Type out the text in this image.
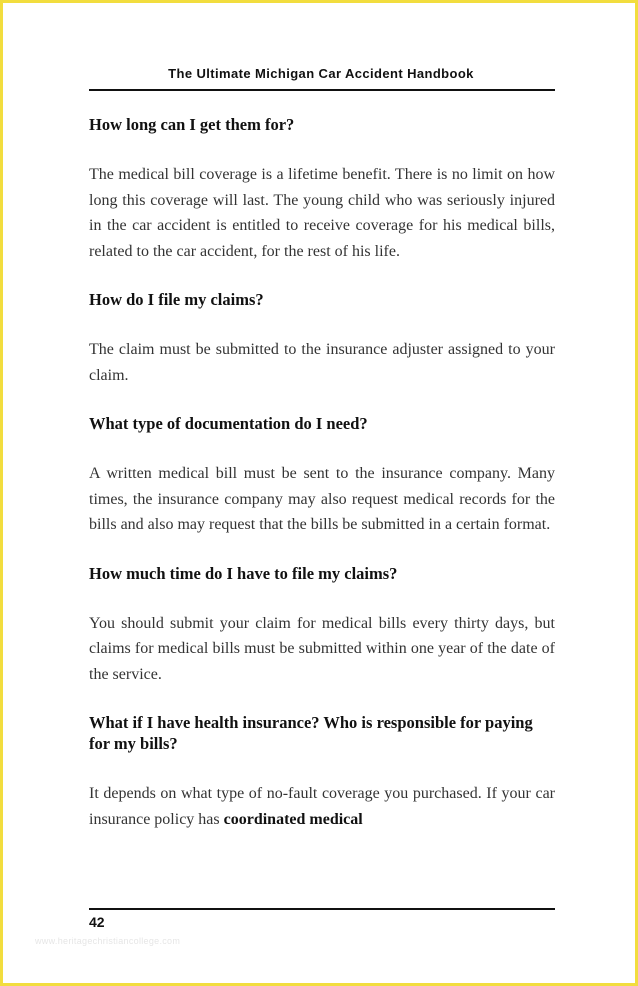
The Ultimate Michigan Car Accident Handbook
How long can I get them for?

The medical bill coverage is a lifetime benefit. There is no limit on how long this coverage will last. The young child who was seriously injured in the car accident is entitled to receive coverage for his medical bills, related to the car accident, for the rest of his life.

How do I file my claims?

The claim must be submitted to the insurance adjuster assigned to your claim.

What type of documentation do I need?

A written medical bill must be sent to the insurance company. Many times, the insurance company may also request medical records for the bills and also may request that the bills be submitted in a certain format.

How much time do I have to file my claims?

You should submit your claim for medical bills every thirty days, but claims for medical bills must be submitted within one year of the date of the service.

What if I have health insurance? Who is responsible for paying for my bills?

It depends on what type of no-fault coverage you purchased. If your car insurance policy has coordinated medical

42
www.heritagechristiancollege.com
